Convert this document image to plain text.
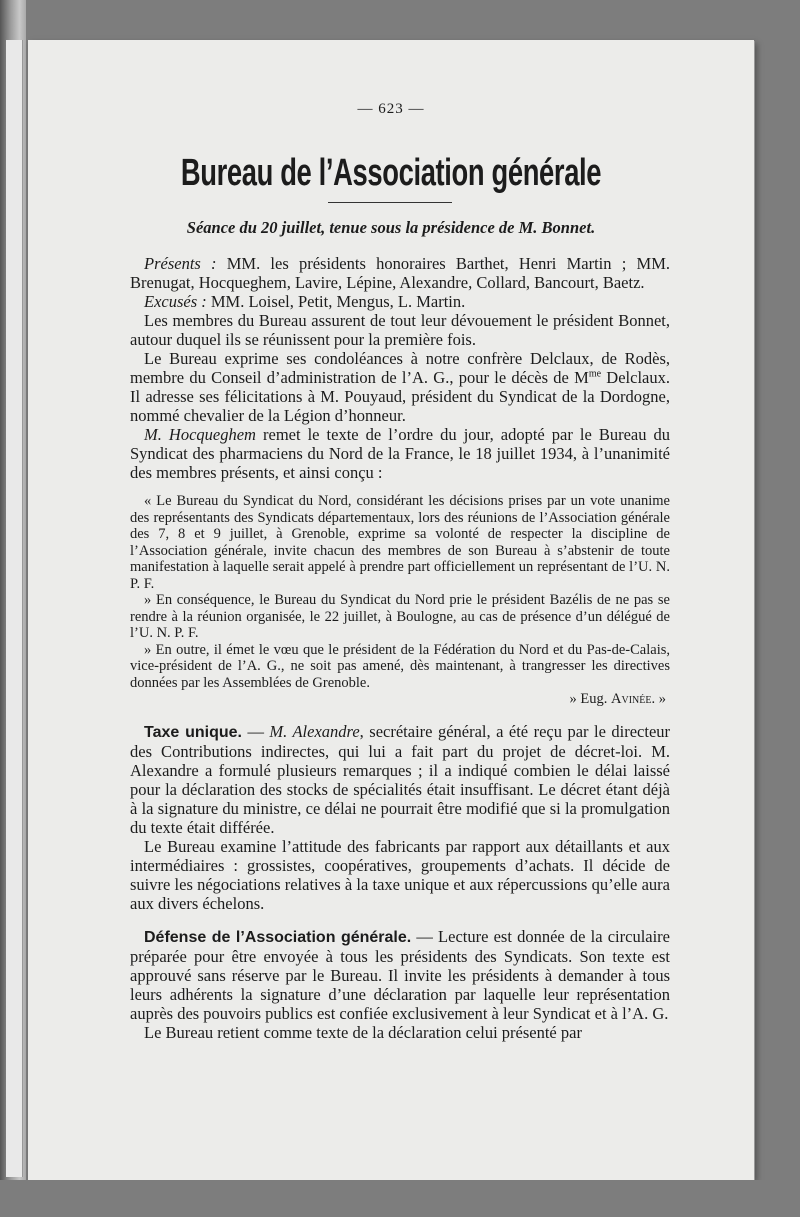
— 623 —
Bureau de l’Association générale
Séance du 20 juillet, tenue sous la présidence de M. Bonnet.

Présents : MM. les présidents honoraires Barthet, Henri Martin ; MM. Brenugat, Hocqueghem, Lavire, Lépine, Alexandre, Collard, Bancourt, Baetz.

Excusés : MM. Loisel, Petit, Mengus, L. Martin.

Les membres du Bureau assurent de tout leur dévouement le président Bonnet, autour duquel ils se réunissent pour la première fois.

Le Bureau exprime ses condoléances à notre confrère Delclaux, de Rodès, membre du Conseil d’administration de l’A. G., pour le décès de $M^{me}$ Delclaux. Il adresse ses félicitations à M. Pouyaud, président du Syndicat de la Dordogne, nommé chevalier de la Légion d’honneur.

M. Hocqueghem remet le texte de l’ordre du jour, adopté par le Bureau du Syndicat des pharmaciens du Nord de la France, le 18 juillet 1934, à l’unanimité des membres présents, et ainsi conçu :

« Le Bureau du Syndicat du Nord, considérant les décisions prises par un vote unanime des représentants des Syndicats départementaux, lors des réunions de l’Association générale des 7, 8 et 9 juillet, à Grenoble, exprime sa volonté de respecter la discipline de l’Association générale, invite chacun des membres de son Bureau à s’abstenir de toute manifestation à laquelle serait appelé à prendre part officiellement un représentant de l’U. N. P. F.

» En conséquence, le Bureau du Syndicat du Nord prie le président Bazélis de ne pas se rendre à la réunion organisée, le 22 juillet, à Boulogne, au cas de présence d’un délégué de l’U. N. P. F.

» En outre, il émet le vœu que le président de la Fédération du Nord et du Pas-de-Calais, vice-président de l’A. G., ne soit pas amené, dès maintenant, à trangresser les directives données par les Assemblées de Grenoble.

» Eug. Avinée. »

Taxe unique. — M. Alexandre, secrétaire général, a été reçu par le directeur des Contributions indirectes, qui lui a fait part du projet de décret-loi. M. Alexandre a formulé plusieurs remarques ; il a indiqué combien le délai laissé pour la déclaration des stocks de spécialités était insuffisant. Le décret étant déjà à la signature du ministre, ce délai ne pourrait être modifié que si la promulgation du texte était différée.

Le Bureau examine l’attitude des fabricants par rapport aux détaillants et aux intermédiaires : grossistes, coopératives, groupements d’achats. Il décide de suivre les négociations relatives à la taxe unique et aux répercussions qu’elle aura aux divers échelons.

Défense de l’Association générale. — Lecture est donnée de la circulaire préparée pour être envoyée à tous les présidents des Syndicats. Son texte est approuvé sans réserve par le Bureau. Il invite les présidents à demander à tous leurs adhérents la signature d’une déclaration par laquelle leur représentation auprès des pouvoirs publics est confiée exclusivement à leur Syndicat et à l’A. G.

Le Bureau retient comme texte de la déclaration celui présenté par
